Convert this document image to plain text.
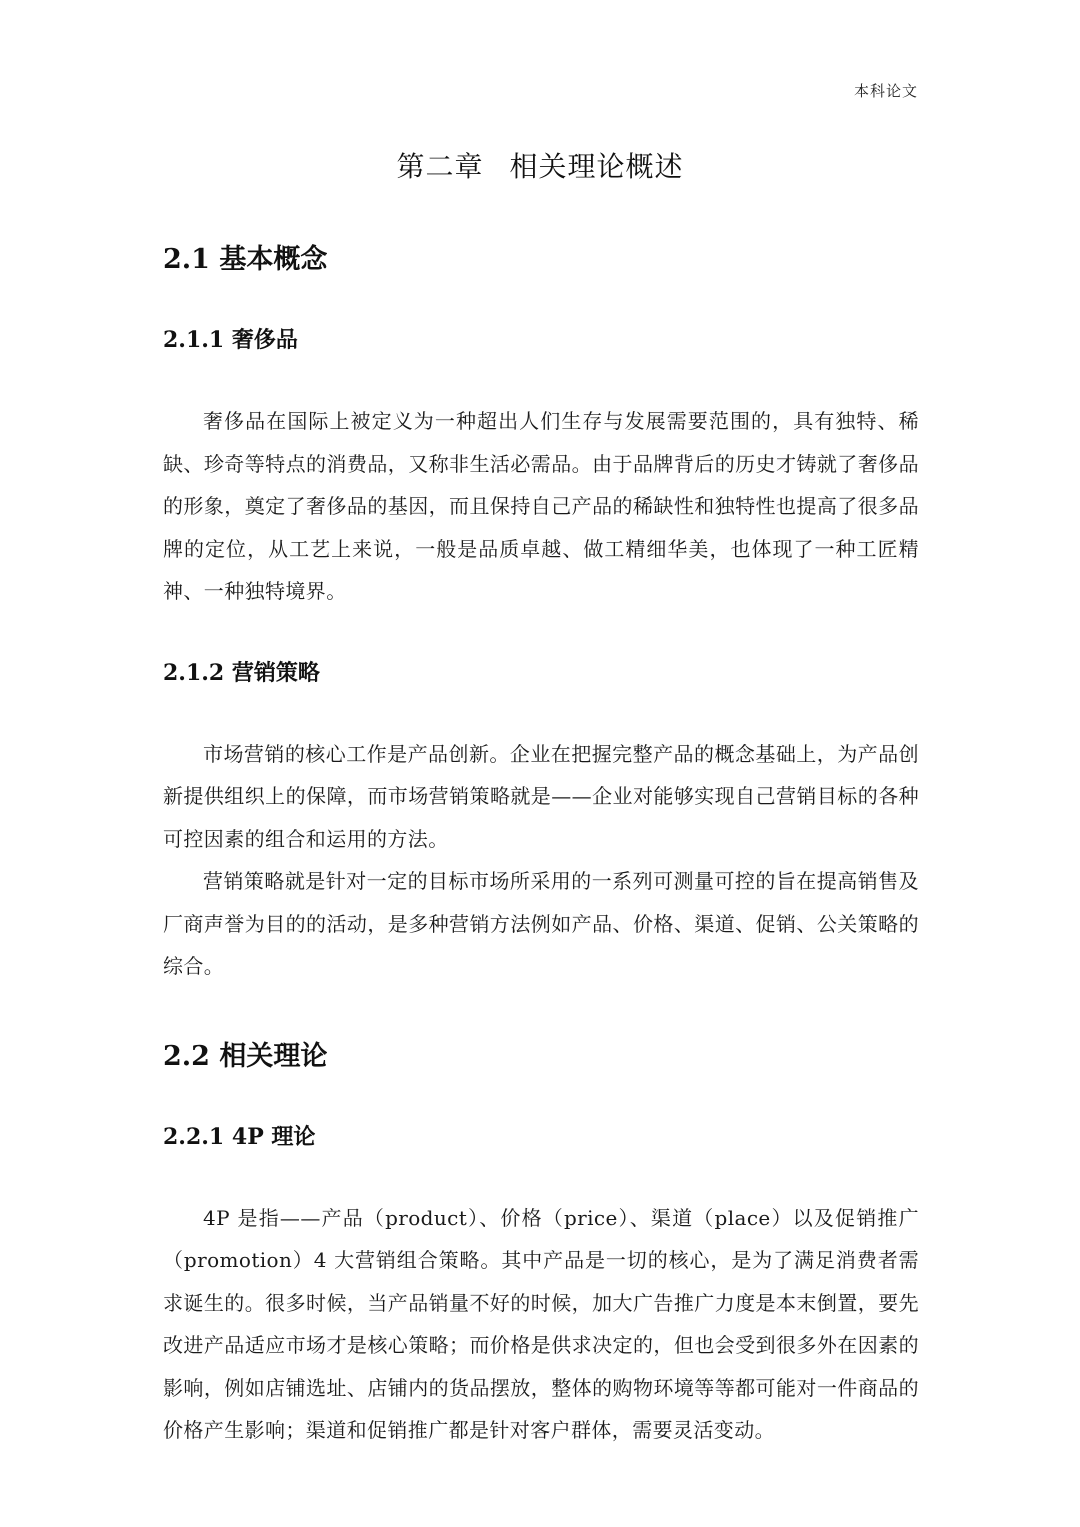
本科论文
第二章 相关理论概述
2.1 基本概念
2.1.1 奢侈品

奢侈品在国际上被定义为一种超出人们生存与发展需要范围的，具有独特、稀缺、珍奇等特点的消费品，又称非生活必需品。由于品牌背后的历史才铸就了奢侈品的形象，奠定了奢侈品的基因，而且保持自己产品的稀缺性和独特性也提高了很多品牌的定位，从工艺上来说，一般是品质卓越、做工精细华美，也体现了一种工匠精神、一种独特境界。

2.1.2 营销策略

市场营销的核心工作是产品创新。企业在把握完整产品的概念基础上，为产品创新提供组织上的保障，而市场营销策略就是——企业对能够实现自己营销目标的各种可控因素的组合和运用的方法。

营销策略就是针对一定的目标市场所采用的一系列可测量可控的旨在提高销售及厂商声誉为目的的活动，是多种营销方法例如产品、价格、渠道、促销、公关策略的综合。

2.2 相关理论
2.2.1 4P 理论

4P 是指——产品（product）、价格（price）、渠道（place）以及促销推广（promotion）4 大营销组合策略。其中产品是一切的核心，是为了满足消费者需求诞生的。很多时候，当产品销量不好的时候，加大广告推广力度是本末倒置，要先改进产品适应市场才是核心策略；而价格是供求决定的，但也会受到很多外在因素的影响，例如店铺选址、店铺内的货品摆放，整体的购物环境等等都可能对一件商品的价格产生影响；渠道和促销推广都是针对客户群体，需要灵活变动。
